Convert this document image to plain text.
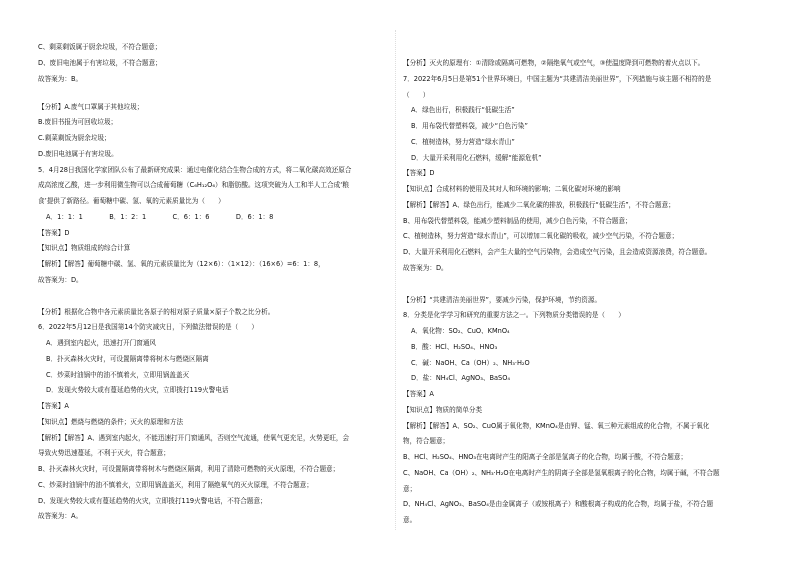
C、剩菜剩饭属于厨余垃圾，不符合题意；
D、废旧电池属于有害垃圾，不符合题意；
故答案为：B。
【分析】A.废气口罩属于其他垃圾；
B.废旧书报为可回收垃圾；
C.剩菜剩饭为厨余垃圾；
D.废旧电池属于有害垃圾。
5．4月28日我国化学家团队公布了最新研究成果：通过电催化结合生物合成的方式，将二氧化碳高效还原合
成高浓度乙酸，进一步利用微生物可以合成葡萄糖（C₆H₁₂O₆）和脂肪酸。这项突破为人工和半人工合成‘粮
食’提供了新路径。葡萄糖中碳、氢、氧的元素质量比为（　　）
A．1：1：1　　　　B．1：2：1　　　　C．6：1：6　　　　D．6：1：8
【答案】D
【知识点】物质组成的综合计算
【解析】【解答】葡萄糖中碳、氢、氧的元素质量比为（12×6）：（1×12）：（16×6）=6：1：8，
故答案为：D。
【分析】根据化合物中各元素质量比各原子的相对原子质量×原子个数之比分析。
6．2022年5月12日是我国第14个防灾减灾日，下列做法错误的是（　　）
A．遇到室内起火，迅速打开门窗通风
B．扑灭森林火灾时，可设置隔离带将树木与燃烧区隔离
C．炒菜时油锅中的油不慎着火，立即用锅盖盖灭
D．发现火势较大或有蔓延趋势的火灾，立即拨打119火警电话
【答案】A
【知识点】燃烧与燃烧的条件；灭火的原理和方法
【解析】【解答】A、遇到室内起火，不能迅速打开门窗通风，否则空气流通，使氧气更充足，火势更旺，会
导致火势迅速蔓延，不利于灭火，符合题意；
B、扑灭森林火灾时，可设置隔离带将树木与燃烧区隔离，利用了清除可燃物的灭火原理，不符合题意；
C、炒菜时油锅中的油不慎着火，立即用锅盖盖灭，利用了隔绝氧气的灭火原理，不符合题意；
D、发现火势较大或有蔓延趋势的火灾，立即拨打119火警电话，不符合题意；
故答案为：A。
【分析】灭火的原理有：①清除或隔离可燃物，②隔绝氧气或空气，③使温度降到可燃物的着火点以下。
7．2022年6月5日是第51个世界环境日，中国主题为“共建清洁美丽世界”，下列措施与该主题不相符的是
（　　）
A．绿色出行，积极践行“低碳生活”
B．用布袋代替塑料袋，减少“白色污染”
C．植树造林，努力营造“绿水青山”
D．大量开采利用化石燃料，缓解“能源危机”
【答案】D
【知识点】合成材料的使用及其对人和环境的影响；二氧化碳对环境的影响
【解析】【解答】A、绿色出行，能减少二氧化碳的排放，积极践行“低碳生活”，不符合题意；
B、用布袋代替塑料袋，能减少塑料制品的使用，减少白色污染，不符合题意；
C、植树造林，努力营造“绿水青山”，可以增加二氧化碳的吸收，减少空气污染，不符合题意；
D、大量开采利用化石燃料，会产生大量的空气污染物，会造成空气污染，且会造成资源浪费，符合题意。
故答案为：D。
【分析】“共建清洁美丽世界”，要减少污染，保护环境，节约资源。
8．分类是化学学习和研究的重要方法之一。下列物质分类错误的是（　　）
A．氧化物：SO₂、CuO、KMnO₄
B．酸：HCl、H₂SO₄、HNO₃
C．碱：NaOH、Ca（OH）₂、NH₃·H₂O
D．盐：NH₄Cl、AgNO₃、BaSO₄
【答案】A
【知识点】物质的简单分类
【解析】【解答】A、SO₂、CuO属于氧化物，KMnO₄是由钾、锰、氧三种元素组成的化合物，不属于氧化
物，符合题意；
B、HCl、H₂SO₄、HNO₃在电离时产生的阳离子全部是氢离子的化合物，均属于酸，不符合题意；
C、NaOH、Ca（OH）₂、NH₃·H₂O在电离时产生的阴离子全部是氢氧根离子的化合物，均属于碱，不符合题
意；
D、NH₄Cl、AgNO₃、BaSO₄是由金属离子（或铵根离子）和酸根离子构成的化合物，均属于盐，不符合题
意。
